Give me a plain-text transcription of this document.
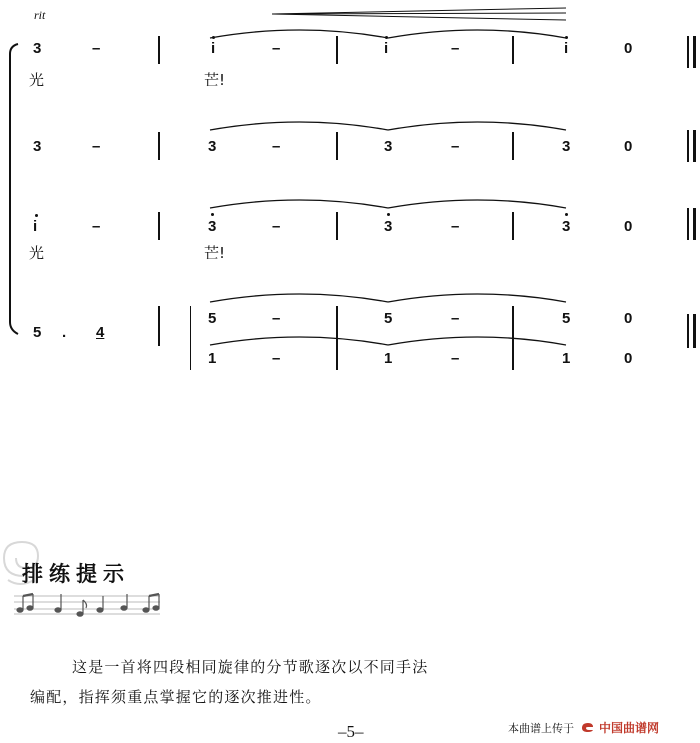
rit
3	–	i	–	i	–	i	0
光	芒!
3	–	3	–	3	–	3	0
i	–	3	–	3	–	3	0
光	芒!
5 . 4
5	–	5	–	5	0
1	–	1	–	1	0
排练提示
这是一首将四段相同旋律的分节歌逐次以不同手法
编配，指挥须重点掌握它的逐次推进性。
–5–	本曲谱上传于 中国曲谱网
